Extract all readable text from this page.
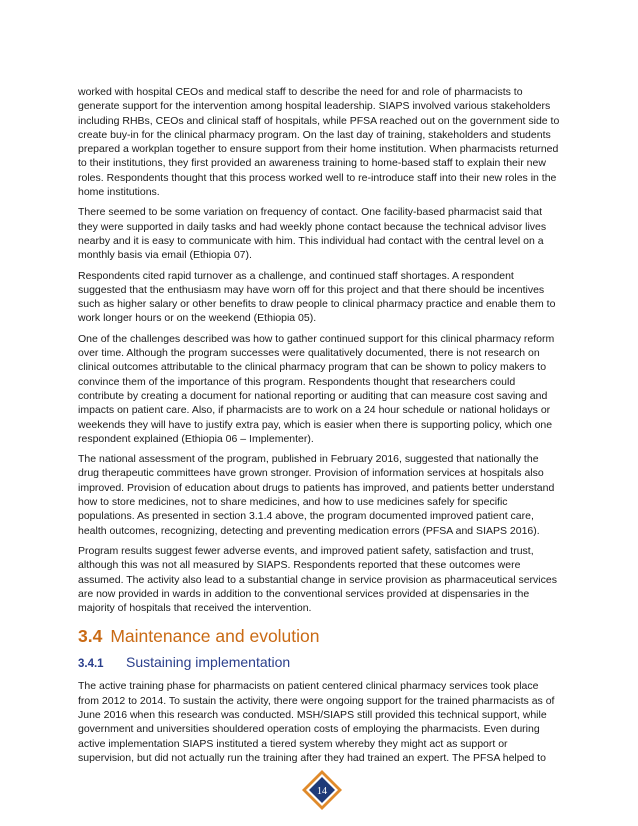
worked with hospital CEOs and medical staff to describe the need for and role of pharmacists to generate support for the intervention among hospital leadership. SIAPS involved various stakeholders including RHBs, CEOs and clinical staff of hospitals, while PFSA reached out on the government side to create buy-in for the clinical pharmacy program. On the last day of training, stakeholders and students prepared a workplan together to ensure support from their home institution. When pharmacists returned to their institutions, they first provided an awareness training to home-based staff to explain their new roles. Respondents thought that this process worked well to re-introduce staff into their new roles in the home institutions.

There seemed to be some variation on frequency of contact. One facility-based pharmacist said that they were supported in daily tasks and had weekly phone contact because the technical advisor lives nearby and it is easy to communicate with him. This individual had contact with the central level on a monthly basis via email (Ethiopia 07).

Respondents cited rapid turnover as a challenge, and continued staff shortages. A respondent suggested that the enthusiasm may have worn off for this project and that there should be incentives such as higher salary or other benefits to draw people to clinical pharmacy practice and enable them to work longer hours or on the weekend (Ethiopia 05).

One of the challenges described was how to gather continued support for this clinical pharmacy reform over time. Although the program successes were qualitatively documented, there is not research on clinical outcomes attributable to the clinical pharmacy program that can be shown to policy makers to convince them of the importance of this program. Respondents thought that researchers could contribute by creating a document for national reporting or auditing that can measure cost saving and impacts on patient care. Also, if pharmacists are to work on a 24 hour schedule or national holidays or weekends they will have to justify extra pay, which is easier when there is supporting policy, which one respondent explained (Ethiopia 06 – Implementer).

The national assessment of the program, published in February 2016, suggested that nationally the drug therapeutic committees have grown stronger. Provision of information services at hospitals also improved. Provision of education about drugs to patients has improved, and patients better understand how to store medicines, not to share medicines, and how to use medicines safely for specific populations. As presented in section 3.1.4 above, the program documented improved patient care, health outcomes, recognizing, detecting and preventing medication errors (PFSA and SIAPS 2016).

Program results suggest fewer adverse events, and improved patient safety, satisfaction and trust, although this was not all measured by SIAPS. Respondents reported that these outcomes were assumed. The activity also lead to a substantial change in service provision as pharmaceutical services are now provided in wards in addition to the conventional services provided at dispensaries in the majority of hospitals that received the intervention.

3.4 Maintenance and evolution
3.4.1 Sustaining implementation

The active training phase for pharmacists on patient centered clinical pharmacy services took place from 2012 to 2014. To sustain the activity, there were ongoing support for the trained pharmacists as of June 2016 when this research was conducted. MSH/SIAPS still provided this technical support, while government and universities shouldered operation costs of employing the pharmacists. Even during active implementation SIAPS instituted a tiered system whereby they might act as support or supervision, but did not actually run the training after they had trained an expert. The PFSA helped to

14
